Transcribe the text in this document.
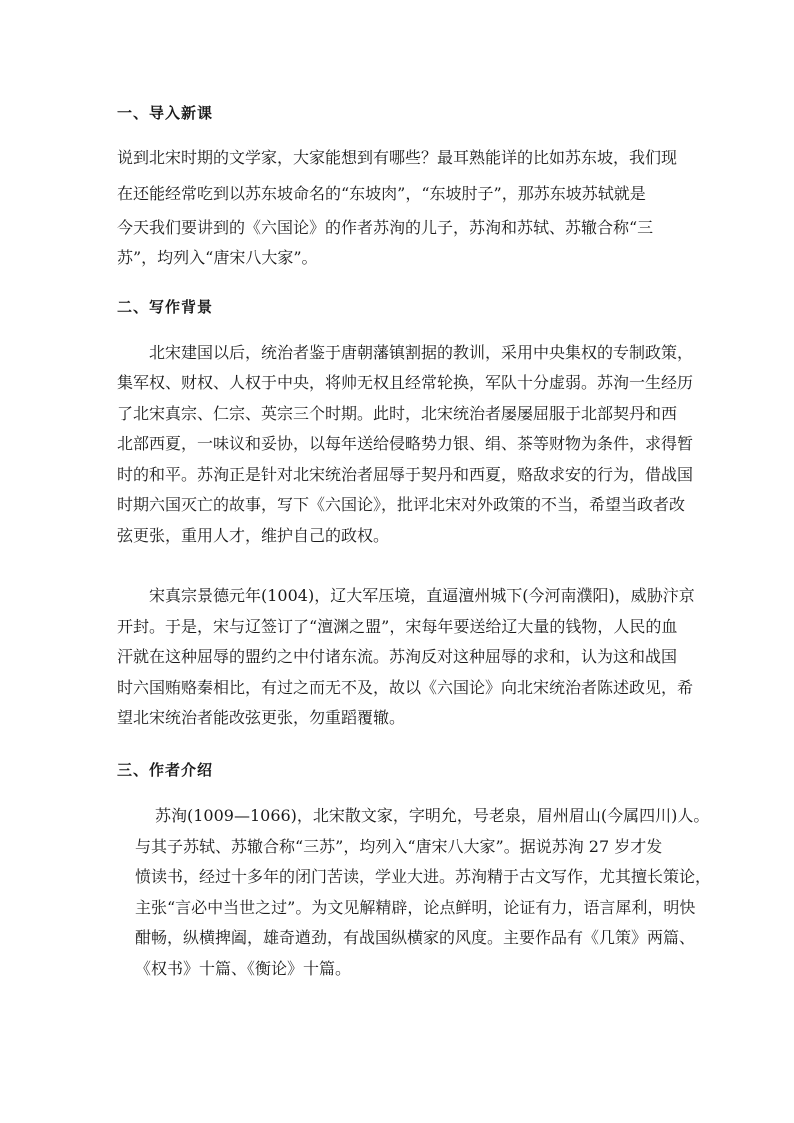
一、导入新课
说到北宋时期的文学家，大家能想到有哪些？最耳熟能详的比如苏东坡，我们现
在还能经常吃到以苏东坡命名的“东坡肉”，“东坡肘子”，那苏东坡苏轼就是
今天我们要讲到的《六国论》的作者苏洵的儿子，苏洵和苏轼、苏辙合称“三
苏”，均列入“唐宋八大家”。
二、写作背景
北宋建国以后，统治者鉴于唐朝藩镇割据的教训，采用中央集权的专制政策，
集军权、财权、人权于中央，将帅无权且经常轮换，军队十分虚弱。苏洵一生经历
了北宋真宗、仁宗、英宗三个时期。此时，北宋统治者屡屡屈服于北部契丹和西
北部西夏，一味议和妥协，以每年送给侵略势力银、绢、茶等财物为条件，求得暂
时的和平。苏洵正是针对北宋统治者屈辱于契丹和西夏，赂敌求安的行为，借战国
时期六国灭亡的故事，写下《六国论》，批评北宋对外政策的不当，希望当政者改
弦更张，重用人才，维护自己的政权。
宋真宗景德元年(1004)，辽大军压境，直逼澶州城下(今河南濮阳)，威胁汴京
开封。于是，宋与辽签订了“澶渊之盟”，宋每年要送给辽大量的钱物，人民的血
汗就在这种屈辱的盟约之中付诸东流。苏洵反对这种屈辱的求和，认为这和战国
时六国贿赂秦相比，有过之而无不及，故以《六国论》向北宋统治者陈述政见，希
望北宋统治者能改弦更张，勿重蹈覆辙。
三、作者介绍
苏洵(1009—1066)，北宋散文家，字明允，号老泉，眉州眉山(今属四川)人。
与其子苏轼、苏辙合称“三苏”，均列入“唐宋八大家”。据说苏洵 27 岁才发
愤读书，经过十多年的闭门苦读，学业大进。苏洵精于古文写作，尤其擅长策论，
主张“言必中当世之过”。为文见解精辟，论点鲜明，论证有力，语言犀利，明快
酣畅，纵横捭阖，雄奇遒劲，有战国纵横家的风度。主要作品有《几策》两篇、
《权书》十篇、《衡论》十篇。
